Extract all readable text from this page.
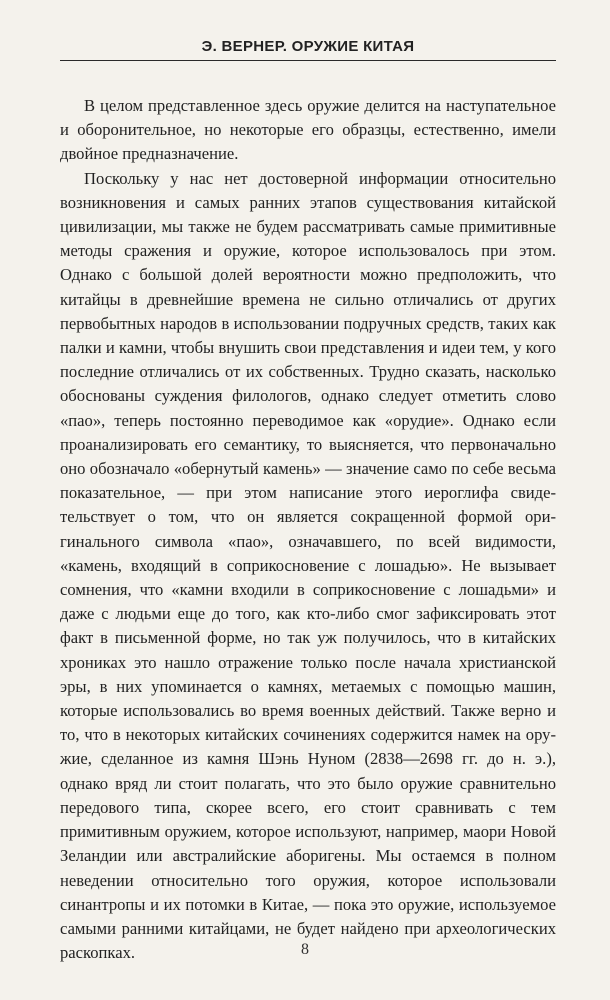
Э. ВЕРНЕР. ОРУЖИЕ КИТАЯ

В целом представленное здесь оружие делится на наступательное и оборонительное, но некоторые его образцы, естественно, имели двойное предназначение.

Поскольку у нас нет достоверной информации относительно возникновения и самых ранних этапов существования китайской цивилизации, мы также не будем рассматривать самые примитивные методы сражения и оружие, которое использовалось при этом. Однако с большой долей вероятности можно предположить, что китайцы в древнейшие времена не сильно отличались от других первобытных народов в использовании подручных средств, таких как палки и камни, чтобы внушить свои представления и идеи тем, у кого последние отличались от их собственных. Трудно сказать, насколько обоснованы суждения филологов, однако следует отметить слово «пао», теперь постоянно переводимое как «орудие». Однако если проанализировать его семантику, то выясняется, что первоначально оно обозначало «обернутый камень» — значение само по себе весьма показательное, — при этом написание этого иероглифа свидетельствует о том, что он является сокращенной формой оригинального символа «пао», означавшего, по всей видимости, «камень, входящий в соприкосновение с лошадью». Не вызывает сомнения, что «камни входили в соприкосновение с лошадьми» и даже с людьми еще до того, как кто-либо смог зафиксировать этот факт в письменной форме, но так уж получилось, что в китайских хрониках это нашло отражение только после начала христианской эры, в них упоминается о камнях, метаемых с помощью машин, которые использовались во время военных действий. Также верно и то, что в некоторых китайских сочинениях содержится намек на оружие, сделанное из камня Шэнь Нуном (2838—2698 гг. до н. э.), однако вряд ли стоит полагать, что это было оружие сравнительно передового типа, скорее всего, его стоит сравнивать с тем примитивным оружием, которое используют, например, маори Новой Зеландии или австралийские аборигены. Мы остаемся в полном неведении относительно того оружия, которое использовали синантропы и их потомки в Китае, — пока это оружие, используемое самыми ранними китайцами, не будет найдено при археологических раскопках.	8
